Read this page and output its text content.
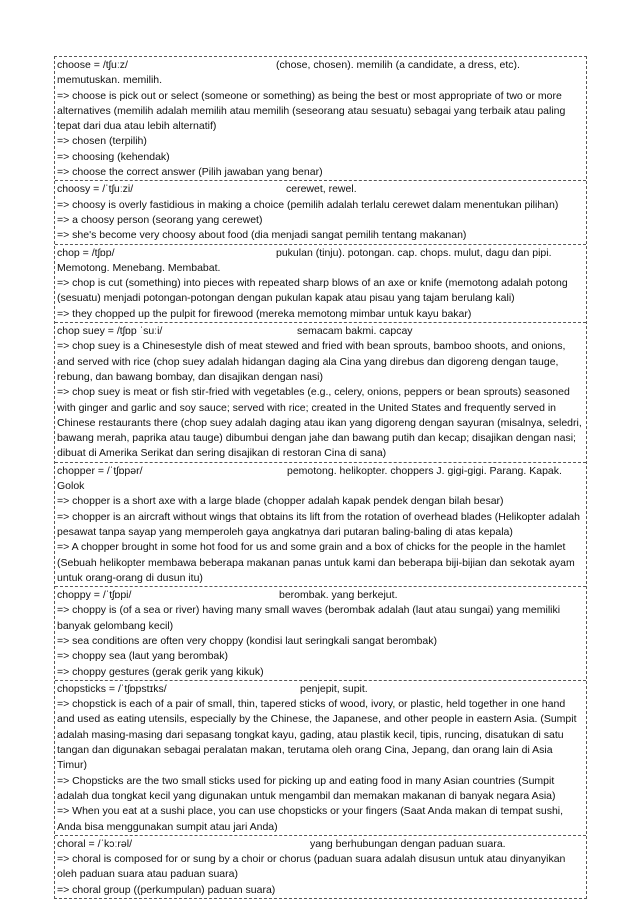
choose = /tʃuːz/	(chose, chosen). memilih (a candidate, a dress, etc).
memutuskan. memilih.
=> choose is pick out or select (someone or something) as being the best or most appropriate of two or more alternatives (memilih adalah memilih atau memilih (seseorang atau sesuatu) sebagai yang terbaik atau paling tepat dari dua atau lebih alternatif)
=> chosen (terpilih)
=> choosing (kehendak)
=> choose the correct answer (Pilih jawaban yang benar)
choosy = /ˈtʃuːzi/	cerewet, rewel.
=> choosy is overly fastidious in making a choice (pemilih adalah terlalu cerewet dalam menentukan pilihan)
=> a choosy person (seorang yang cerewet)
=> she's become very choosy about food (dia menjadi sangat pemilih tentang makanan)
chop = /tʃɒp/	pukulan (tinju). potongan. cap. chops. mulut, dagu dan pipi.
Memotong. Menebang. Membabat.
=> chop is cut (something) into pieces with repeated sharp blows of an axe or knife (memotong adalah potong (sesuatu) menjadi potongan-potongan dengan pukulan kapak atau pisau yang tajam berulang kali)
=> they chopped up the pulpit for firewood (mereka memotong mimbar untuk kayu bakar)
chop suey = /tʃɒp ˈsuːi/	semacam bakmi. capcay
=> chop suey is a Chinesestyle dish of meat stewed and fried with bean sprouts, bamboo shoots, and onions, and served with rice (chop suey adalah hidangan daging ala Cina yang direbus dan digoreng dengan tauge, rebung, dan bawang bombay, dan disajikan dengan nasi)
=> chop suey is meat or fish stir-fried with vegetables (e.g., celery, onions, peppers or bean sprouts) seasoned with ginger and garlic and soy sauce; served with rice; created in the United States and frequently served in Chinese restaurants there (chop suey adalah daging atau ikan yang digoreng dengan sayuran (misalnya, seledri, bawang merah, paprika atau tauge) dibumbui dengan jahe dan bawang putih dan kecap; disajikan dengan nasi; dibuat di Amerika Serikat dan sering disajikan di restoran Cina di sana)
chopper = /ˈtʃɒpər/	pemotong. helikopter. choppers J. gigi-gigi. Parang. Kapak.
Golok
=> chopper is a short axe with a large blade (chopper adalah kapak pendek dengan bilah besar)
=> chopper is an aircraft without wings that obtains its lift from the rotation of overhead blades (Helikopter adalah pesawat tanpa sayap yang memperoleh gaya angkatnya dari putaran baling-baling di atas kepala)
=> A chopper brought in some hot food for us and some grain and a box of chicks for the people in the hamlet (Sebuah helikopter membawa beberapa makanan panas untuk kami dan beberapa biji-bijian dan sekotak ayam untuk orang-orang di dusun itu)
choppy = /ˈtʃɒpi/	berombak. yang berkejut.
=> choppy is (of a sea or river) having many small waves (berombak adalah (laut atau sungai) yang memiliki banyak gelombang kecil)
=> sea conditions are often very choppy (kondisi laut seringkali sangat berombak)
=> choppy sea (laut yang berombak)
=> choppy gestures (gerak gerik yang kikuk)
chopsticks = /ˈtʃɒpstɪks/	penjepit, supit.
=> chopstick is each of a pair of small, thin, tapered sticks of wood, ivory, or plastic, held together in one hand and used as eating utensils, especially by the Chinese, the Japanese, and other people in eastern Asia. (Sumpit adalah masing-masing dari sepasang tongkat kayu, gading, atau plastik kecil, tipis, runcing, disatukan di satu tangan dan digunakan sebagai peralatan makan, terutama oleh orang Cina, Jepang, dan orang lain di Asia Timur)
=> Chopsticks are the two small sticks used for picking up and eating food in many Asian countries (Sumpit adalah dua tongkat kecil yang digunakan untuk mengambil dan memakan makanan di banyak negara Asia)
=> When you eat at a sushi place, you can use chopsticks or your fingers (Saat Anda makan di tempat sushi, Anda bisa menggunakan sumpit atau jari Anda)
choral = /ˈkɔːrəl/	yang berhubungan dengan paduan suara.
=> choral is composed for or sung by a choir or chorus (paduan suara adalah disusun untuk atau dinyanyikan oleh paduan suara atau paduan suara)
=> choral group ((perkumpulan) paduan suara)
